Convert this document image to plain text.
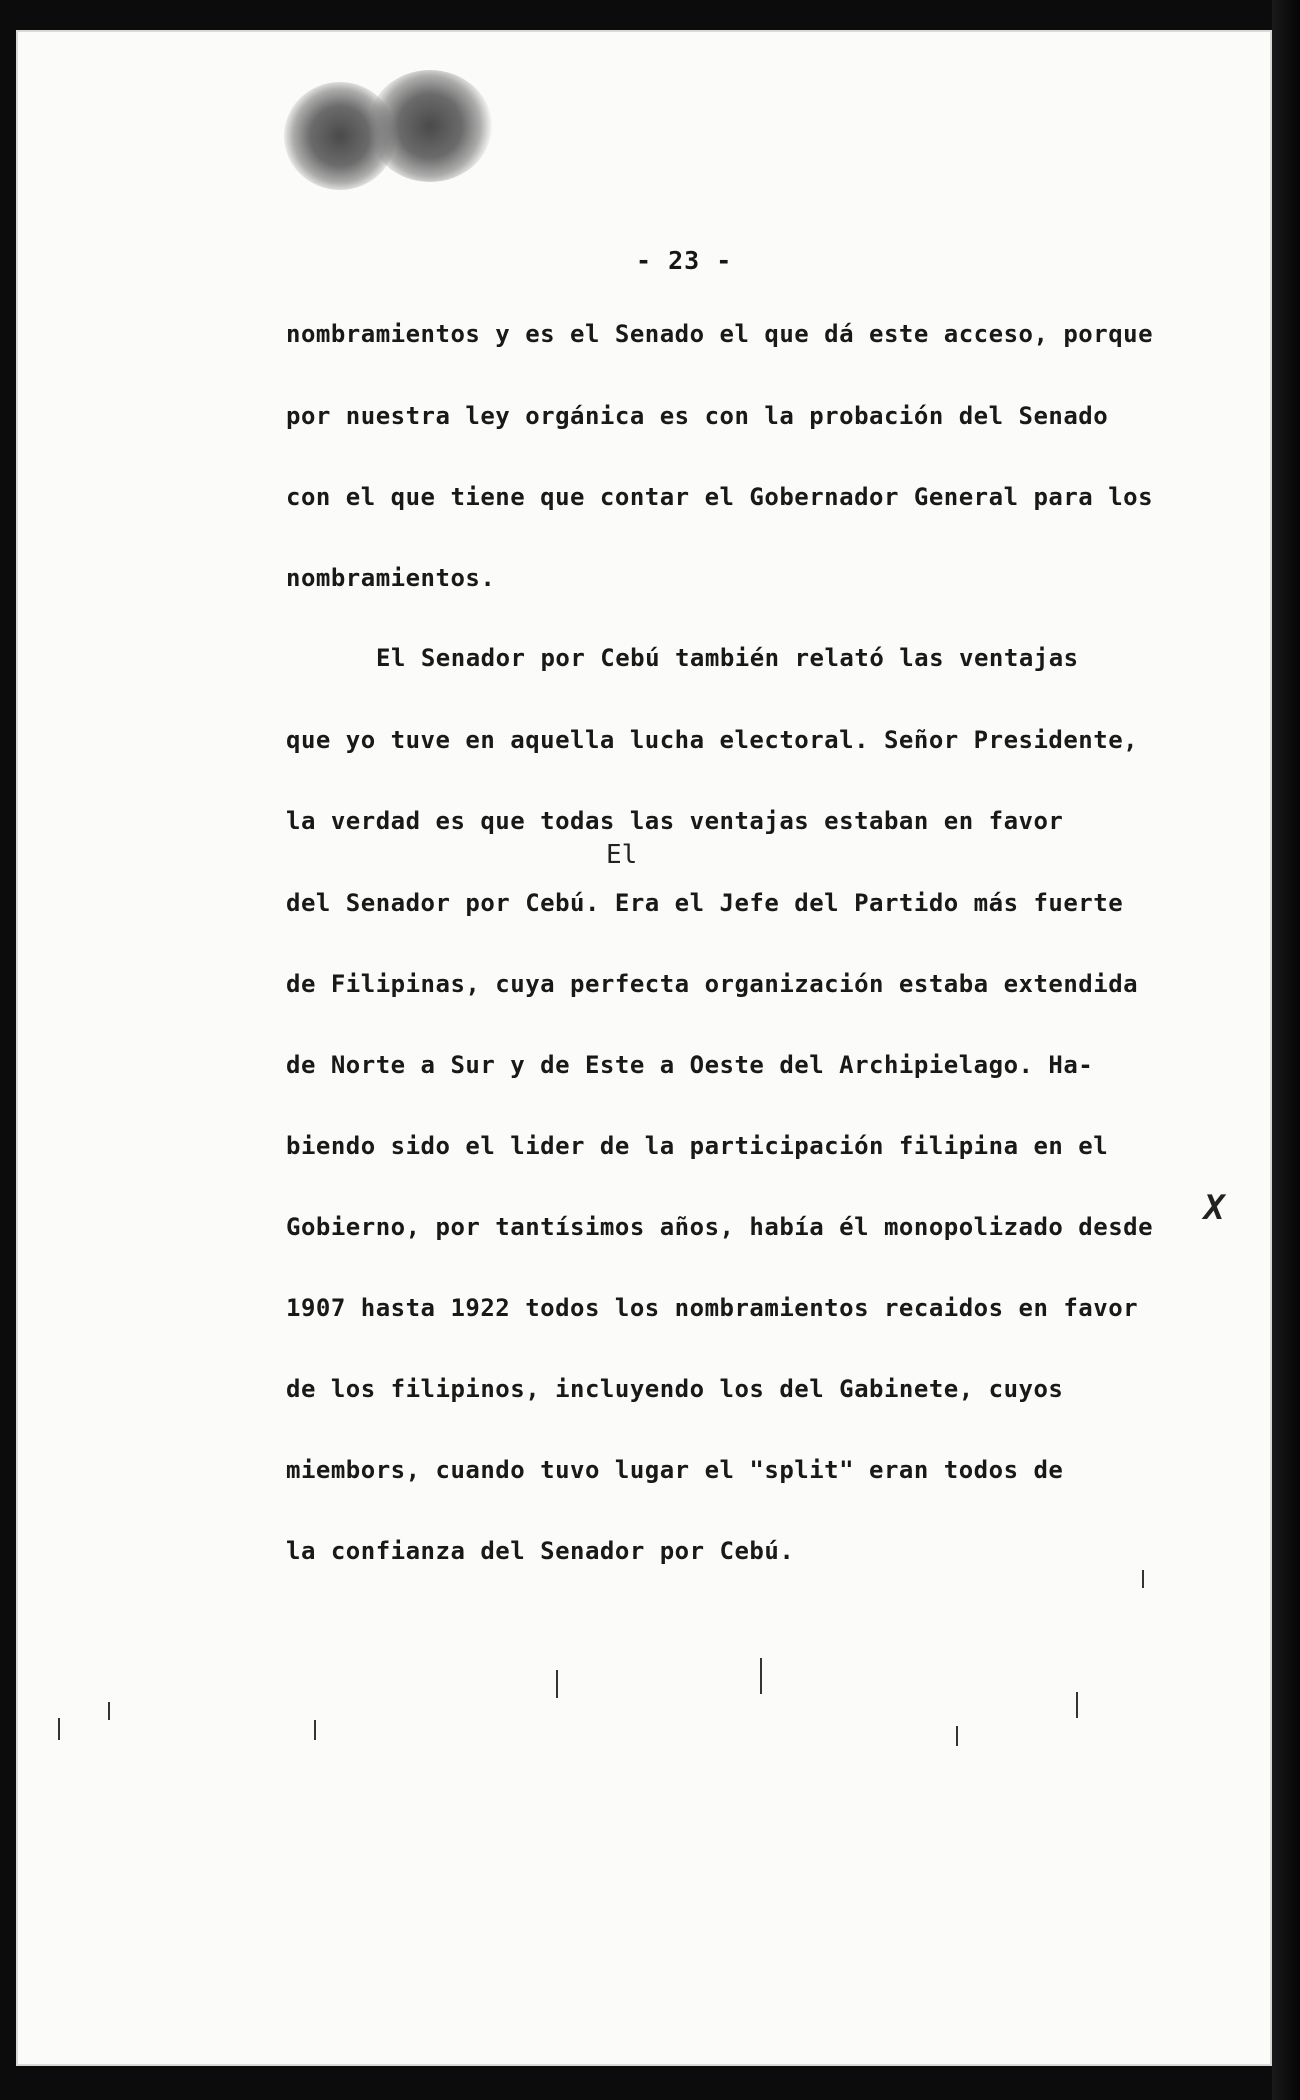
- 23 -
nombramientos y es el Senado el que dá este acceso, porque
por nuestra ley orgánica es con la probación del Senado
con el que tiene que contar el Gobernador General para los
nombramientos.
El Senador por Cebú también relató las ventajas
que yo tuve en aquella lucha electoral. Señor Presidente,
la verdad es que todas las ventajas estaban en favor
del Senador por Cebú. Era el Jefe del Partido más fuerte
de Filipinas, cuya perfecta organización estaba extendida
de Norte a Sur y de Este a Oeste del Archipielago. Ha-
biendo sido el lider de la participación filipina en el
Gobierno, por tantísimos años, había él monopolizado desde
1907 hasta 1922 todos los nombramientos recaidos en favor
de los filipinos, incluyendo los del Gabinete, cuyos
miembors, cuando tuvo lugar el "split" eran todos de
la confianza del Senador por Cebú.
El
X
